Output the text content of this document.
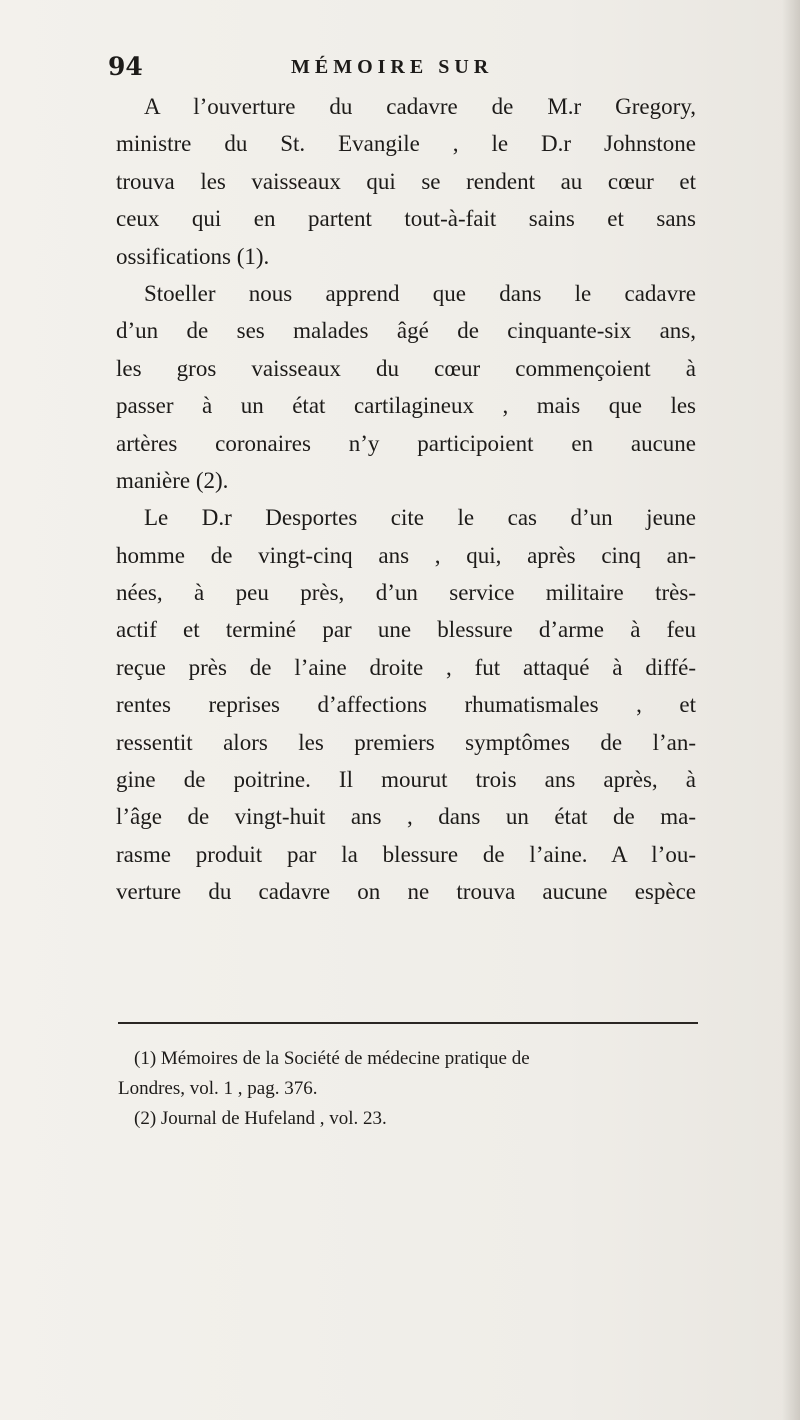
94	MÉMOIRE SUR
A l’ouverture du cadavre de M.r Gregory,
ministre du St. Evangile , le D.r Johnstone
trouva les vaisseaux qui se rendent au cœur et
ceux qui en partent tout-à-fait sains et sans
ossifications (1).
Stoeller nous apprend que dans le cadavre
d’un de ses malades âgé de cinquante-six ans,
les gros vaisseaux du cœur commençoient à
passer à un état cartilagineux , mais que les
artères coronaires n’y participoient en aucune
manière (2).
Le D.r Desportes cite le cas d’un jeune
homme de vingt-cinq ans , qui, après cinq an-
nées, à peu près, d’un service militaire très-
actif et terminé par une blessure d’arme à feu
reçue près de l’aine droite , fut attaqué à diffé-
rentes reprises d’affections rhumatismales , et
ressentit alors les premiers symptômes de l’an-
gine de poitrine. Il mourut trois ans après, à
l’âge de vingt-huit ans , dans un état de ma-
rasme produit par la blessure de l’aine. A l’ou-
verture du cadavre on ne trouva aucune espèce
(1) Mémoires de la Société de médecine pratique de
Londres, vol. 1 , pag. 376.
(2) Journal de Hufeland , vol. 23.
